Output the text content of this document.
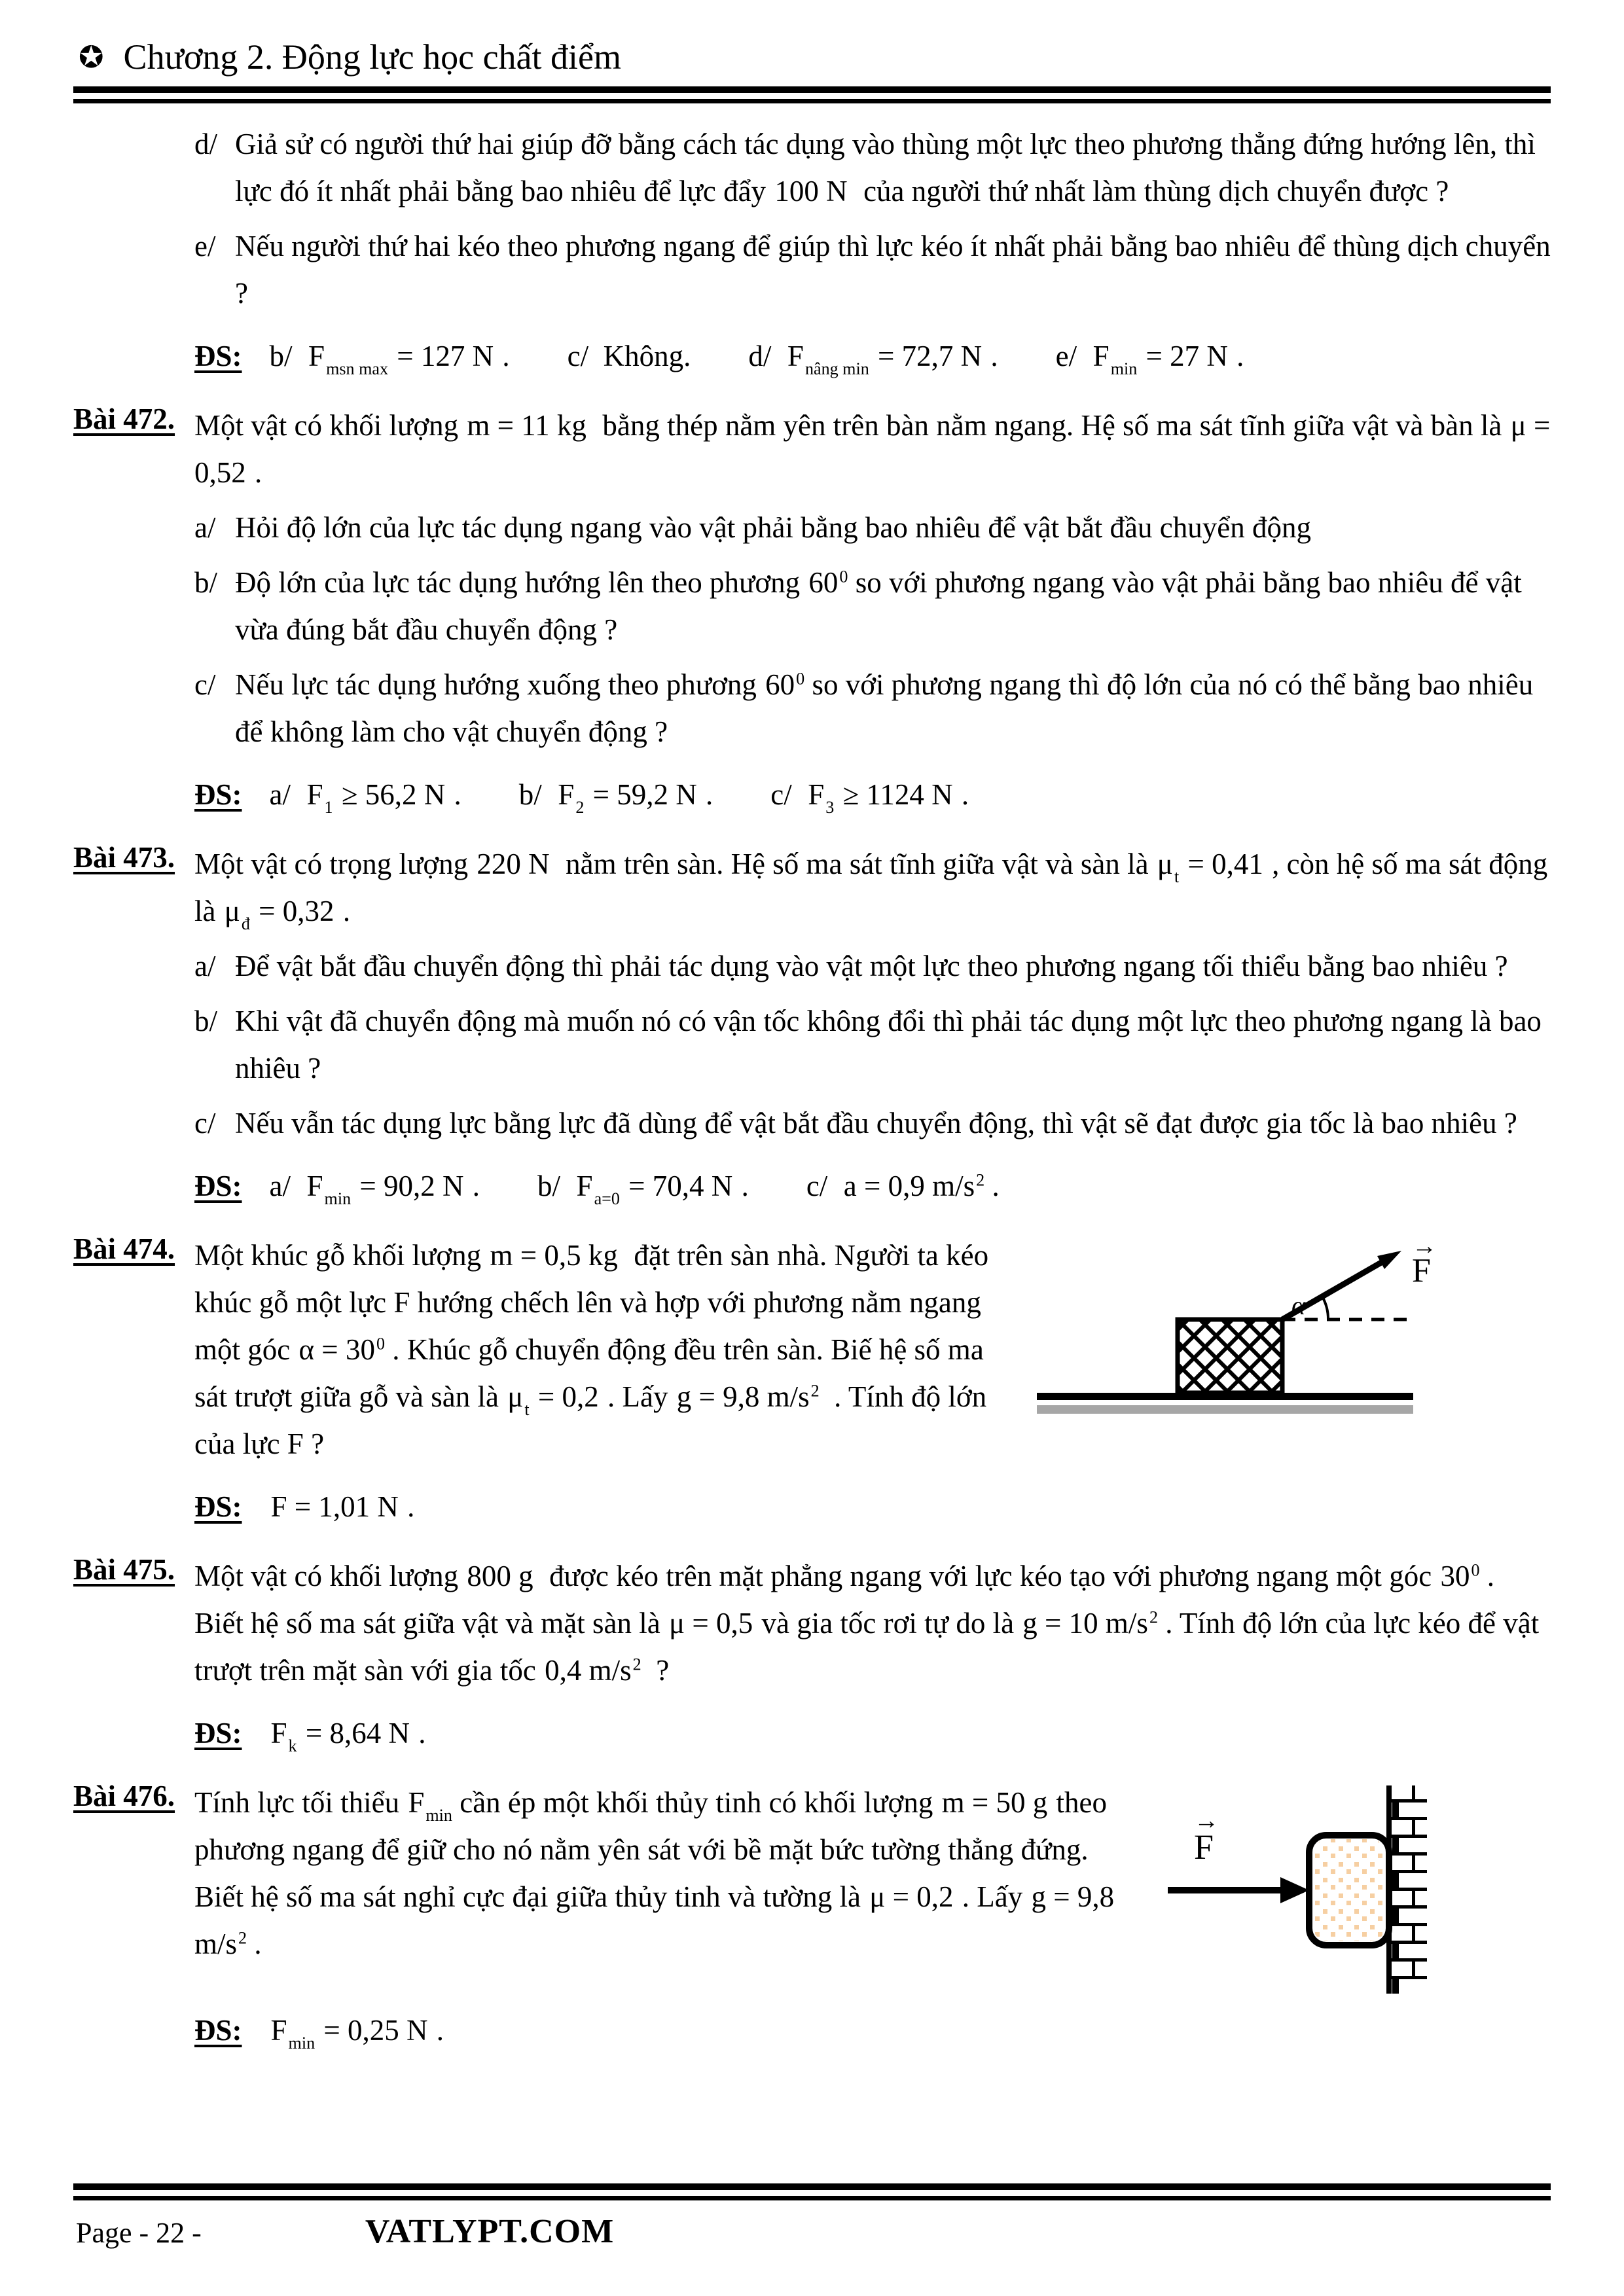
✪ Chương 2. Động lực học chất điểm
d/ Giả sử có người thứ hai giúp đỡ bằng cách tác dụng vào thùng một lực theo phương thẳng đứng hướng lên, thì lực đó ít nhất phải bằng bao nhiêu để lực đẩy 100 N  của người thứ nhất làm thùng dịch chuyển được ?
e/ Nếu người thứ hai kéo theo phương ngang để giúp thì lực kéo ít nhất phải bằng bao nhiêu để thùng dịch chuyển ?
ĐS: b/  $F_{msn max} = 127$ N . c/  Không. d/  $F_{nâng min} = 72,7$ N . e/  $F_{min} = 27$ N .
Bài 472. Một vật có khối lượng m = 11 kg  bằng thép nằm yên trên bàn nằm ngang. Hệ số ma sát tĩnh giữa vật và bàn là μ = 0,52 .
a/ Hỏi độ lớn của lực tác dụng ngang vào vật phải bằng bao nhiêu để vật bắt đầu chuyển động
b/ Độ lớn của lực tác dụng hướng lên theo phương $60^0$ so với phương ngang vào vật phải bằng bao nhiêu để vật vừa đúng bắt đầu chuyển động ?
c/ Nếu lực tác dụng hướng xuống theo phương $60^0$ so với phương ngang thì độ lớn của nó có thể bằng bao nhiêu để không làm cho vật chuyển động ?
ĐS: a/  $F_1 \ge 56,2$ N . b/  $F_2 = 59,2$ N . c/  $F_3 \ge 1124$ N .
Bài 473. Một vật có trọng lượng 220 N  nằm trên sàn. Hệ số ma sát tĩnh giữa vật và sàn là $\mu_t = 0,41$ , còn hệ số ma sát động là $\mu_đ = 0,32$ .
a/ Để vật bắt đầu chuyển động thì phải tác dụng vào vật một lực theo phương ngang tối thiểu bằng bao nhiêu ?
b/ Khi vật đã chuyển động mà muốn nó có vận tốc không đổi thì phải tác dụng một lực theo phương ngang là bao nhiêu ?
c/ Nếu vẫn tác dụng lực bằng lực đã dùng để vật bắt đầu chuyển động, thì vật sẽ đạt được gia tốc là bao nhiêu ?
ĐS: a/  $F_{min} = 90,2$ N . b/  $F_{a=0} = 70,4$ N . c/  a = 0,9 $m/s^2$ .
Bài 474.
α
F
→
Một khúc gỗ khối lượng m = 0,5 kg  đặt trên sàn nhà. Người ta kéo khúc gỗ một lực F hướng chếch lên và hợp với phương nằm ngang một góc $\alpha = 30^0$ . Khúc gỗ chuyển động đều trên sàn. Biế hệ số ma sát trượt giữa gỗ và sàn là $\mu_t = 0,2$ . Lấy g = 9,8 $m/s^2$  . Tính độ lớn của lực F ?
ĐS: F = 1,01 N .
Bài 475. Một vật có khối lượng 800 g  được kéo trên mặt phẳng ngang với lực kéo tạo với phương ngang một góc $30^0$ . Biết hệ số ma sát giữa vật và mặt sàn là μ = 0,5 và gia tốc rơi tự do là g = 10 $m/s^2$ . Tính độ lớn của lực kéo để vật trượt trên mặt sàn với gia tốc 0,4 $m/s^2$  ?
ĐS: $F_k = 8,64$ N .
Bài 476.
F
→
Tính lực tối thiểu $F_{min}$ cần ép một khối thủy tinh có khối lượng m = 50 g theo phương ngang để giữ cho nó nằm yên sát với bề mặt bức tường thẳng đứng. Biết hệ số ma sát nghỉ cực đại giữa thủy tinh và tường là μ = 0,2 . Lấy g = 9,8 $m/s^2$ .
ĐS: $F_{min} = 0,25$ N .
Page - 22 -	VATLYPT.COM
